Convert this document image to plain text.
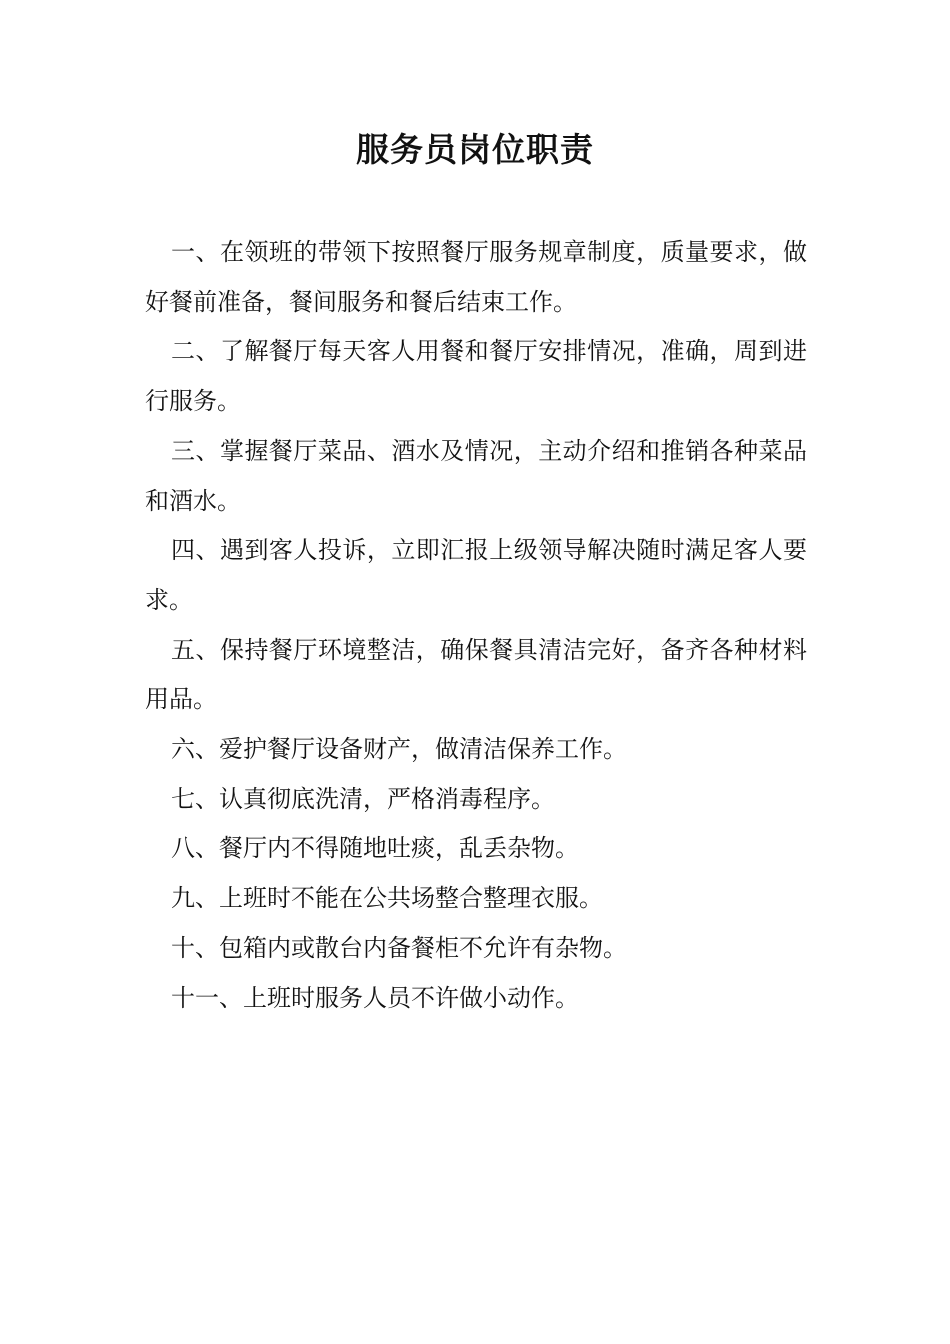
服务员岗位职责

一、在领班的带领下按照餐厅服务规章制度，质量要求，做好餐前准备，餐间服务和餐后结束工作。

二、了解餐厅每天客人用餐和餐厅安排情况，准确，周到进行服务。

三、掌握餐厅菜品、酒水及情况，主动介绍和推销各种菜品和酒水。

四、遇到客人投诉，立即汇报上级领导解决随时满足客人要求。

五、保持餐厅环境整洁，确保餐具清洁完好，备齐各种材料用品。

六、爱护餐厅设备财产，做清洁保养工作。

七、认真彻底洗清，严格消毒程序。

八、餐厅内不得随地吐痰，乱丢杂物。

九、上班时不能在公共场整合整理衣服。

十、包箱内或散台内备餐柜不允许有杂物。

十一、上班时服务人员不许做小动作。
